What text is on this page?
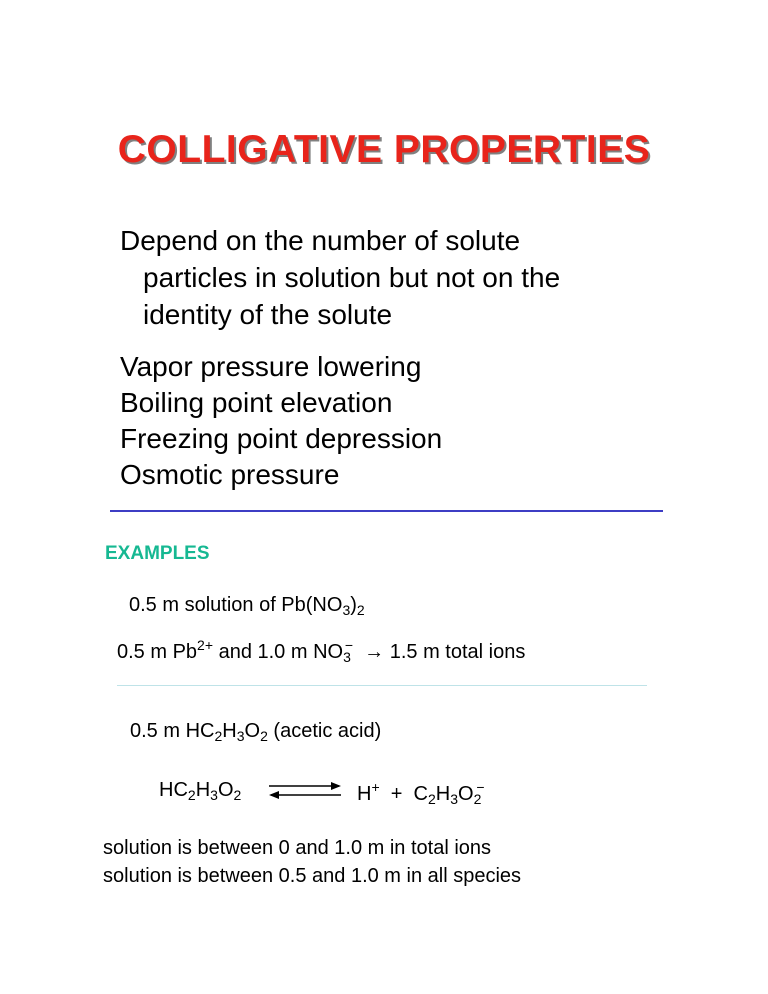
COLLIGATIVE PROPERTIES
Depend on the number of solute
particles in solution but not on the
identity of the solute
Vapor pressure lowering
Boiling point elevation
Freezing point depression
Osmotic pressure
EXAMPLES
0.5 m solution of $Pb(NO_3)_2$
0.5 m $Pb^{2+}$ and 1.0 m $NO_3^- \to 1.5$ m total ions
0.5 m $HC_2H_3O_2$ (acetic acid)
$HC_2H_3O_2$	$H^+ + C_2H_3O_2^-$
solution is between 0 and 1.0 m in total ions
solution is between 0.5 and 1.0 m in all species
